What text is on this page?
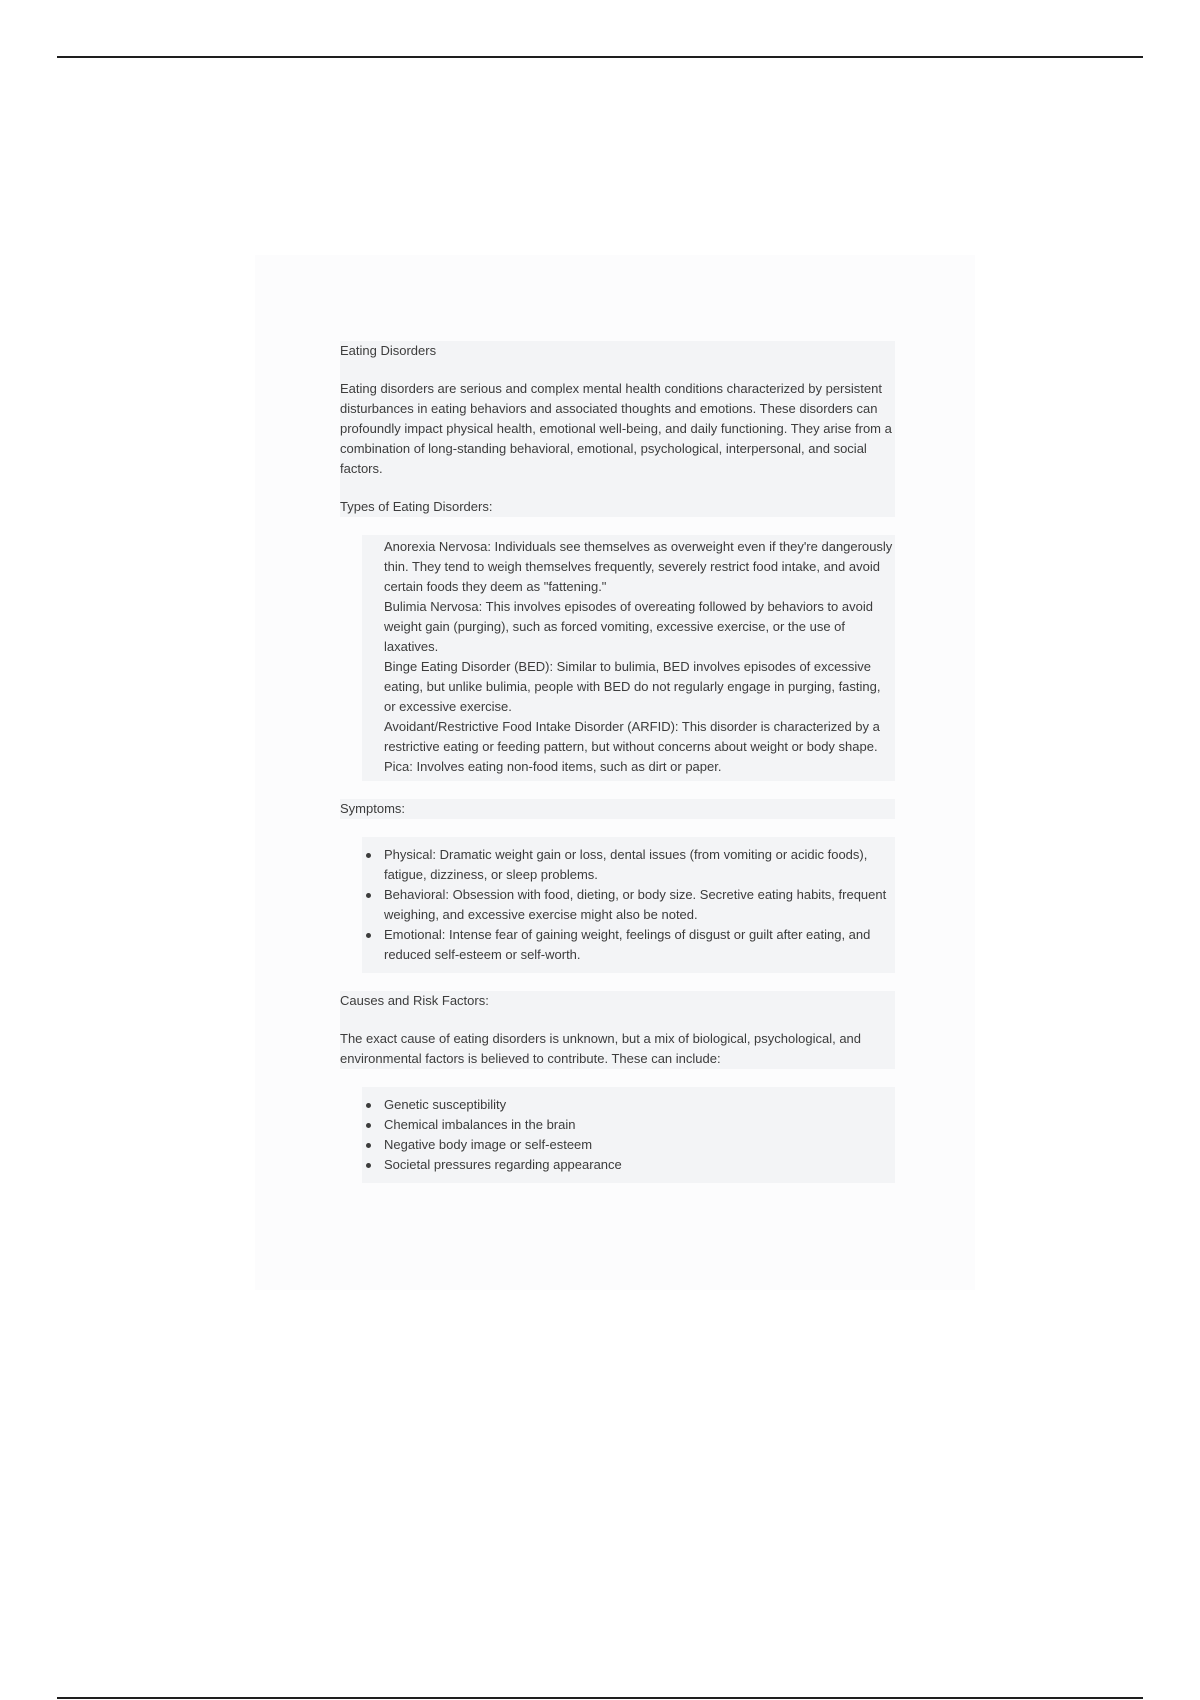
Eating Disorders

Eating disorders are serious and complex mental health conditions characterized by persistent disturbances in eating behaviors and associated thoughts and emotions. These disorders can profoundly impact physical health, emotional well-being, and daily functioning. They arise from a combination of long-standing behavioral, emotional, psychological, interpersonal, and social factors.

Types of Eating Disorders:

Anorexia Nervosa: Individuals see themselves as overweight even if they're dangerously thin. They tend to weigh themselves frequently, severely restrict food intake, and avoid certain foods they deem as "fattening."

Bulimia Nervosa: This involves episodes of overeating followed by behaviors to avoid weight gain (purging), such as forced vomiting, excessive exercise, or the use of laxatives.

Binge Eating Disorder (BED): Similar to bulimia, BED involves episodes of excessive eating, but unlike bulimia, people with BED do not regularly engage in purging, fasting, or excessive exercise.

Avoidant/Restrictive Food Intake Disorder (ARFID): This disorder is characterized by a restrictive eating or feeding pattern, but without concerns about weight or body shape.

Pica: Involves eating non-food items, such as dirt or paper.

Symptoms:

Physical: Dramatic weight gain or loss, dental issues (from vomiting or acidic foods), fatigue, dizziness, or sleep problems.
Behavioral: Obsession with food, dieting, or body size. Secretive eating habits, frequent weighing, and excessive exercise might also be noted.
Emotional: Intense fear of gaining weight, feelings of disgust or guilt after eating, and reduced self-esteem or self-worth.

Causes and Risk Factors:

The exact cause of eating disorders is unknown, but a mix of biological, psychological, and environmental factors is believed to contribute. These can include:

Genetic susceptibility
Chemical imbalances in the brain
Negative body image or self-esteem
Societal pressures regarding appearance
